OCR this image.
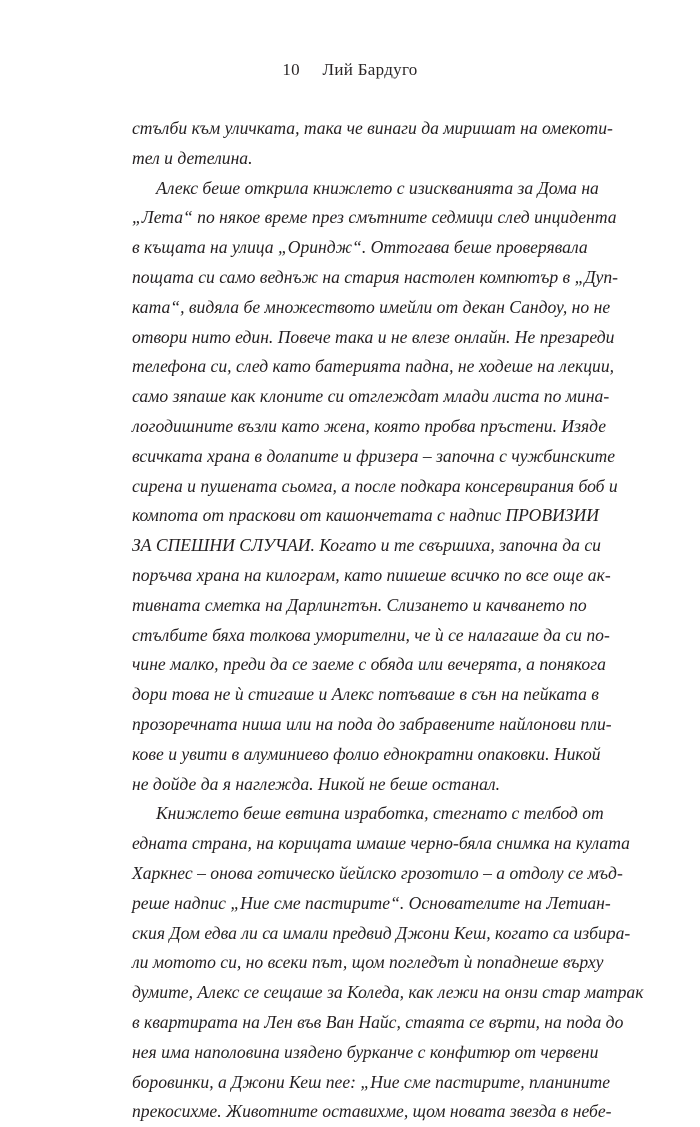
10 Лий Бардуго
стълби към уличката, така че винаги да миришат на омекоти-
тел и детелина.
Алекс беше открила книжлето с изискванията за Дома на
„Лета“ по някое време през смътните седмици след инцидента
в къщата на улица „Ориндж“. Оттогава беше проверявала
пощата си само веднъж на стария настолен компютър в „Дуп-
ката“, видяла бе множеството имейли от декан Сандоу, но не
отвори нито един. Повече така и не влезе онлайн. Не презареди
телефона си, след като батерията падна, не ходеше на лекции,
само зяпаше как клоните си отглеждат млади листа по мина-
логодишните възли като жена, която пробва пръстени. Изяде
всичката храна в долапите и фризера – започна с чужбинските
сирена и пушената сьомга, а после подкара консервирания боб и
компота от праскови от кашончетата с надпис ПРОВИЗИИ
ЗА СПЕШНИ СЛУЧАИ. Когато и те свършиха, започна да си
поръчва храна на килограм, като пишеше всичко по все още ак-
тивната сметка на Дарлингтън. Слизането и качването по
стълбите бяха толкова уморителни, че ѝ се налагаше да си по-
чине малко, преди да се заеме с обяда или вечерята, а понякога
дори това не ѝ стигаше и Алекс потъваше в сън на пейката в
прозоречната ниша или на пода до забравените найлонови пли-
кове и увити в алуминиево фолио еднократни опаковки. Никой
не дойде да я наглежда. Никой не беше останал.
Книжлето беше евтина изработка, стегнато с телбод от
едната страна, на корицата имаше черно-бяла снимка на кулата
Харкнес – онова готическо йейлско грозотило – а отдолу се мъд-
реше надпис „Ние сме пастирите“. Основателите на Летиан-
ския Дом едва ли са имали предвид Джони Кеш, когато са избира-
ли мотото си, но всеки път, щом погледът ѝ попаднеше върху
думите, Алекс се сещаше за Коледа, как лежи на онзи стар матрак
в квартирата на Лен във Ван Найс, стаята се върти, на пода до
нея има наполовина изядено бурканче с конфитюр от червени
боровинки, а Джони Кеш пее: „Ние сме пастирите, планините
прекосихме. Животните оставихме, щом новата звезда в небе-
